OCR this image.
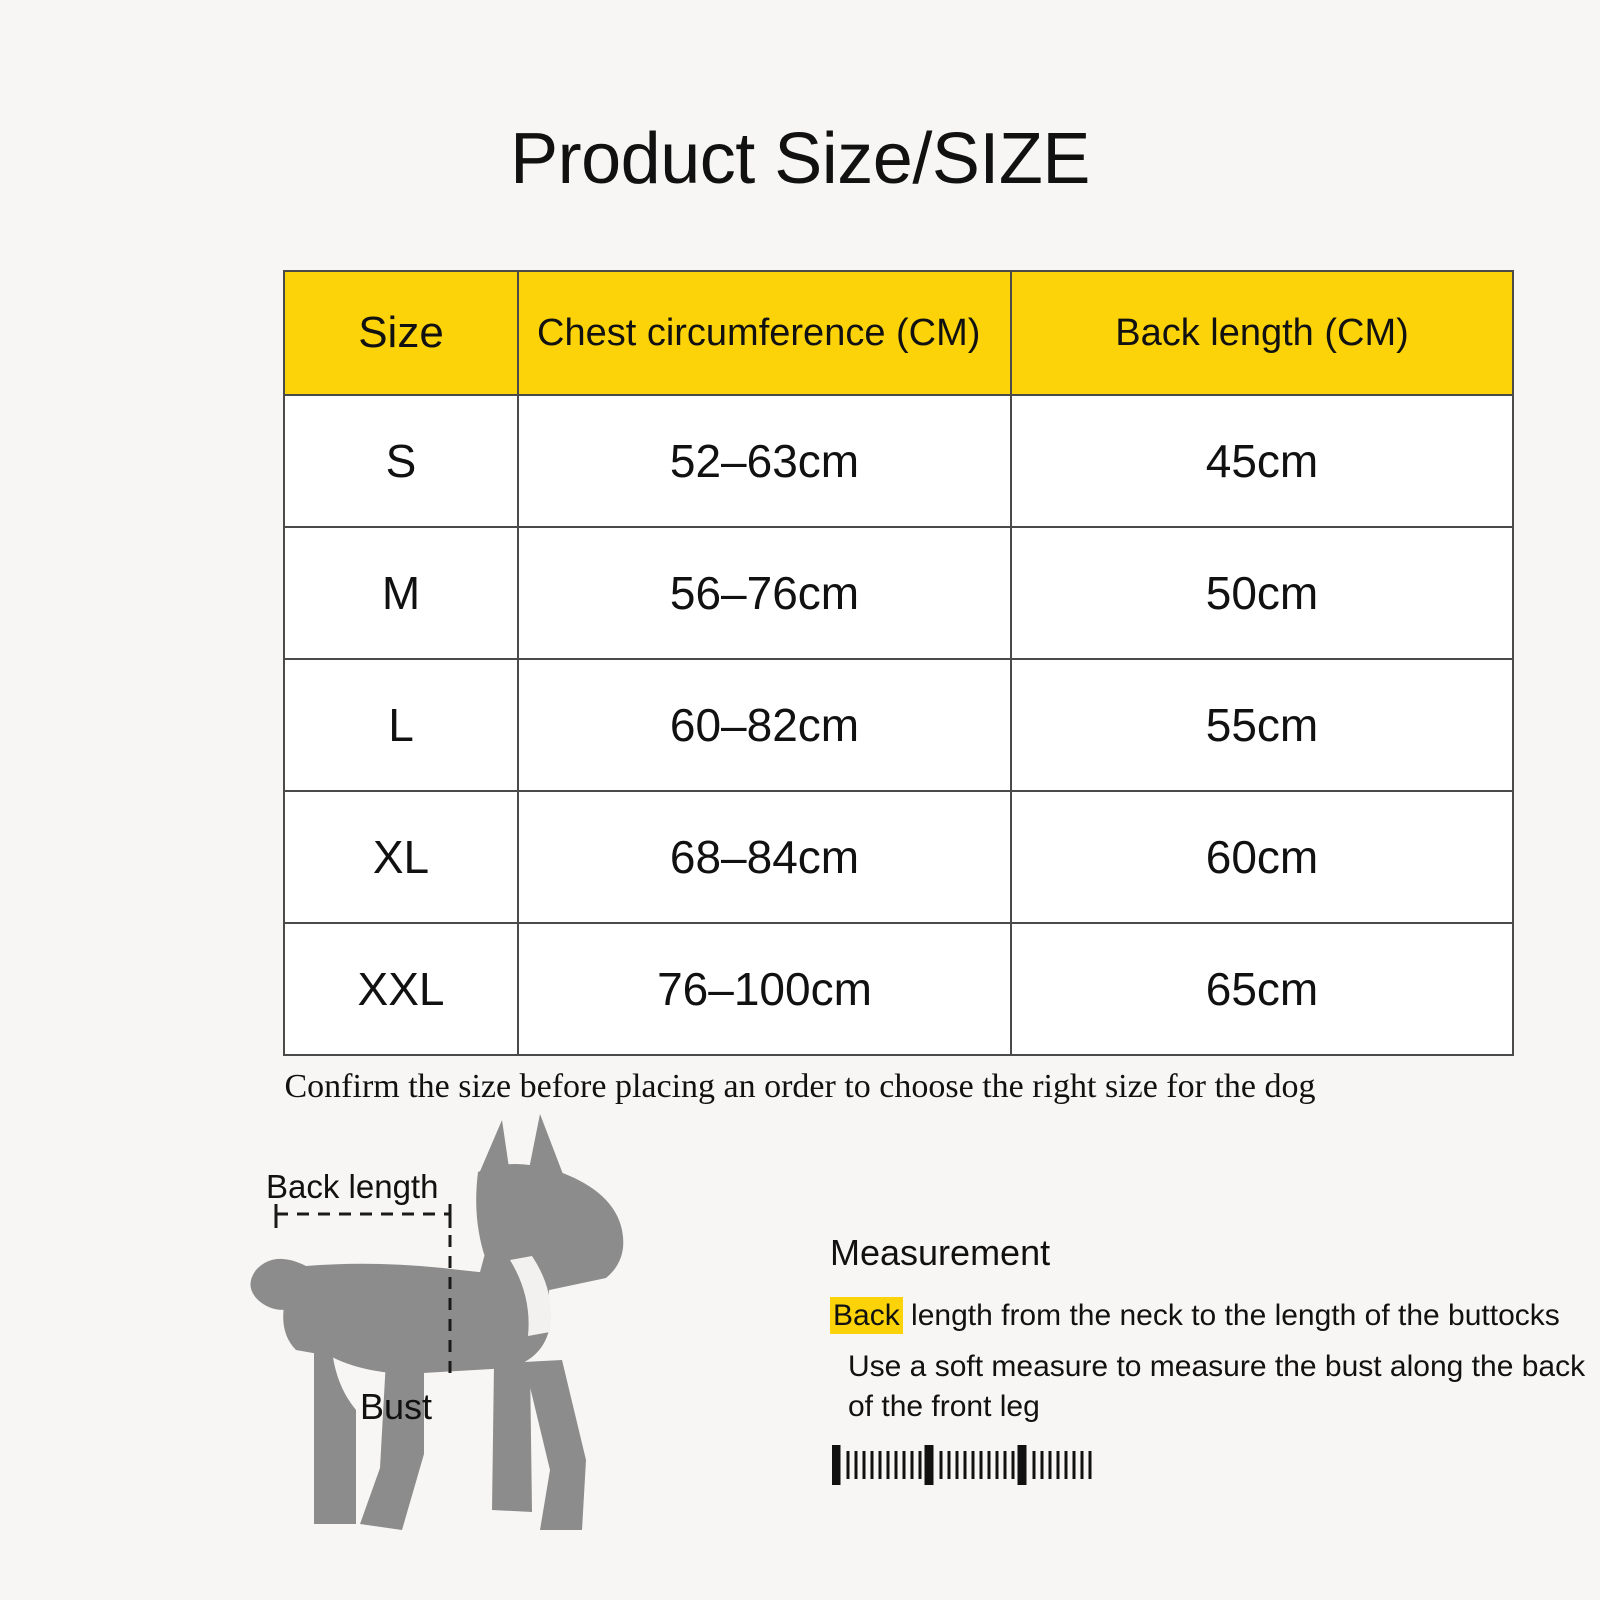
Product Size/SIZE
Size	Chest circumference (CM)	Back length (CM)
S	52–63cm	45cm
M	56–76cm	50cm
L	60–82cm	55cm
XL	68–84cm	60cm
XXL	76–100cm	65cm
Confirm the size before placing an order to choose the right size for the dog
Back length
Bust
Measurement
Back length from the neck to the length of the buttocks
Use a soft measure to measure the bust along the back of the front leg
